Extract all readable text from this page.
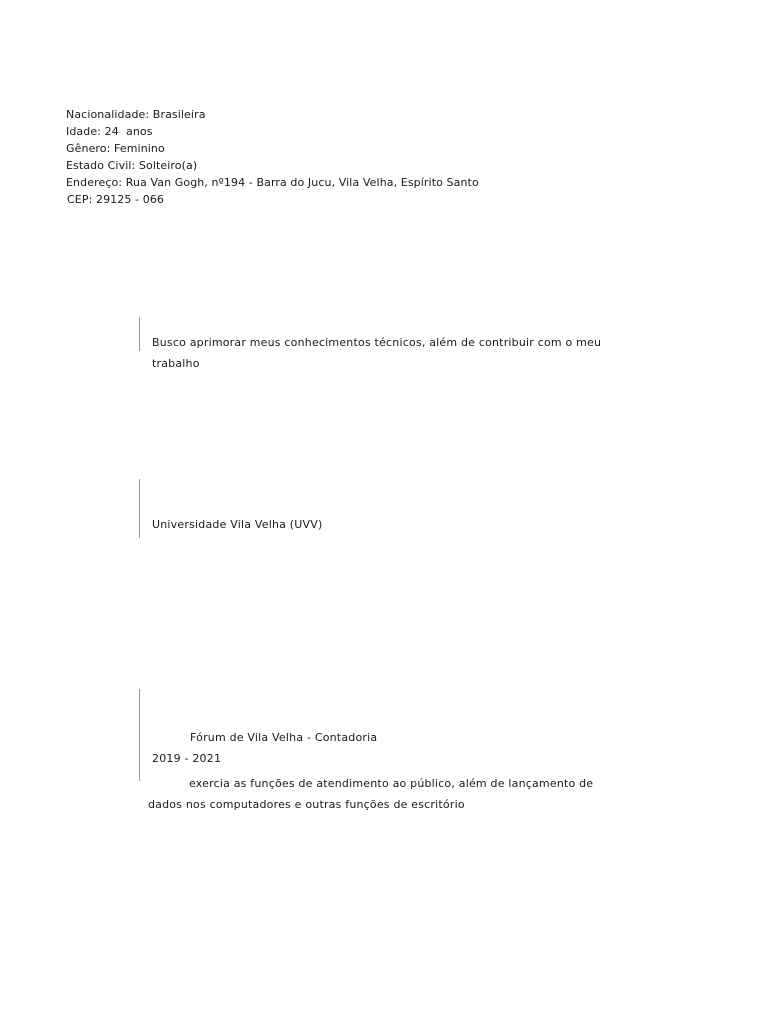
Nacionalidade: Brasileira
Idade: 24  anos
Gênero: Feminino
Estado Civil: Solteiro(a)
Endereço: Rua Van Gogh, nº194 - Barra do Jucu, Vila Velha, Espírito Santo
CEP: 29125 - 066
Busco aprimorar meus conhecimentos técnicos, além de contribuir com o meu
trabalho
Universidade Vila Velha (UVV)
Fórum de Vila Velha - Contadoria
2019 - 2021
exercia as funções de atendimento ao público, além de lançamento de
dados nos computadores e outras funções de escritório
